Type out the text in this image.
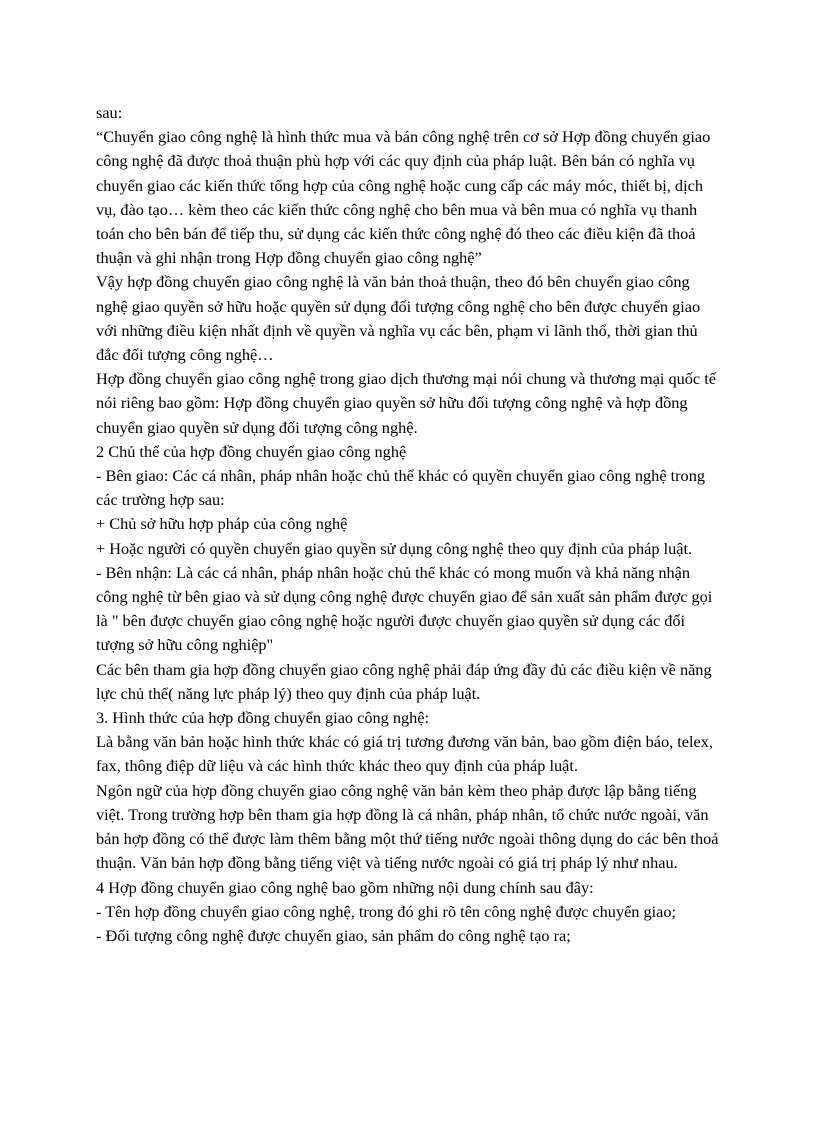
sau:

“Chuyển giao công nghệ là hình thức mua và bán công nghệ trên cơ sở Hợp đồng chuyển giao công nghệ đã được thoả thuận phù hợp với các quy định của pháp luật. Bên bán có nghĩa vụ chuyển giao các kiến thức tổng hợp của công nghệ hoặc cung cấp các máy móc, thiết bị, dịch vụ, đào tạo… kèm theo các kiến thức công nghệ cho bên mua và bên mua có nghĩa vụ thanh toán cho bên bán để tiếp thu, sử dụng các kiến thức công nghệ đó theo các điều kiện đã thoả thuận và ghi nhận trong Hợp đồng chuyển giao công nghệ”

Vậy hợp đồng chuyển giao công nghệ là văn bản thoả thuận, theo đó bên chuyển giao công nghệ giao quyền sở hữu hoặc quyền sử dụng đối tượng công nghệ cho bên được chuyển giao với những điều kiện nhất định về quyền và nghĩa vụ các bên, phạm vi lãnh thổ, thời gian thủ đắc đối tượng công nghệ…

Hợp đồng chuyển giao công nghệ trong giao dịch thương mại nói chung và thương mại quốc tế nói riêng bao gồm: Hợp đồng chuyển giao quyền sở hữu đối tượng công nghệ và hợp đồng chuyển giao quyền sử dụng đối tượng công nghệ.

2 Chủ thể của hợp đồng chuyển giao công nghệ

- Bên giao: Các cá nhân, pháp nhân hoặc chủ thể khác có quyền chuyển giao công nghệ trong các trường hợp sau:

+ Chủ sở hữu hợp pháp của công nghệ

+ Hoặc người có quyền chuyển giao quyền sử dụng công nghệ theo quy định của pháp luật.

- Bên nhận: Là các cá nhân, pháp nhân hoặc chủ thể khác có mong muốn và khả năng nhận công nghệ từ bên giao và sử dụng công nghệ được chuyển giao để sản xuất sản phẩm được gọi là " bên được chuyển giao công nghệ hoặc người được chuyển giao quyền sử dụng các đối tượng sở hữu công nghiệp"

Các bên tham gia hợp đồng chuyển giao công nghệ phải đáp ứng đầy đủ các điều kiện về năng lực chủ thể( năng lực pháp lý) theo quy định của pháp luật.

3. Hình thức của hợp đồng chuyển giao công nghệ:

Là bằng văn bản hoặc hình thức khác có giá trị tương đương văn bản, bao gồm điện báo, telex, fax, thông điệp dữ liệu và các hình thức khác theo quy định của pháp luật.

Ngôn ngữ của hợp đồng chuyển giao công nghệ văn bản kèm theo phảp được lập bằng tiếng việt. Trong trường hợp bên tham gia hợp đồng là cá nhân, pháp nhân, tổ chức nước ngoài, văn bản hợp đồng có thể được làm thêm bằng một thứ tiếng nước ngoài thông dụng do các bên thoả thuận. Văn bản hợp đồng bằng tiếng việt và tiếng nước ngoài có giá trị pháp lý như nhau.

4 Hợp đồng chuyển giao công nghệ bao gồm những nội dung chính sau đây:

- Tên hợp đồng chuyển giao công nghệ, trong đó ghi rõ tên công nghệ được chuyển giao;

- Đối tượng công nghệ được chuyển giao, sản phẩm do công nghệ tạo ra;
